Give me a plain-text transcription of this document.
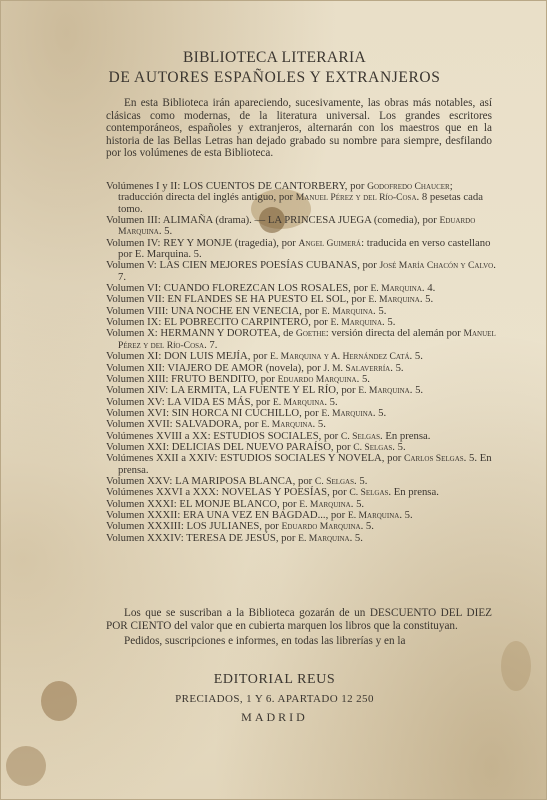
BIBLIOTECA LITERARIA
DE AUTORES ESPAÑOLES Y EXTRANJEROS

En esta Biblioteca irán apareciendo, sucesivamente, las obras más notables, así clásicas como modernas, de la literatura universal. Los grandes escritores contemporáneos, españoles y extranjeros, alternarán con los maestros que en la historia de las Bellas Letras han dejado grabado su nombre para siempre, desfilando por los volúmenes de esta Biblioteca.

Volúmenes I y II: LOS CUENTOS DE CANTORBERY, por Godofredo Chaucer; traducción directa del inglés antiguo, por Manuel Pérez y del Río-Cosa. 8 pesetas cada tomo.
Volumen III: ALIMAÑA (drama). — LA PRINCESA JUEGA (comedia), por Eduardo Marquina. 5.
Volumen IV: REY Y MONJE (tragedia), por Angel Guimerá: traducida en verso castellano por E. Marquina. 5.
Volumen V: LAS CIEN MEJORES POESÍAS CUBANAS, por José María Chacón y Calvo. 7.
Volumen VI: CUANDO FLOREZCAN LOS ROSALES, por E. Marquina. 4.
Volumen VII: EN FLANDES SE HA PUESTO EL SOL, por E. Marquina. 5.
Volumen VIII: UNA NOCHE EN VENECIA, por E. Marquina. 5.
Volumen IX: EL POBRECITO CARPINTERO, por E. Marquina. 5.
Volumen X: HERMANN Y DOROTEA, de Goethe: versión directa del alemán por Manuel Pérez y del Río-Cosa. 7.
Volumen XI: DON LUIS MEJÍA, por E. Marquina y A. Hernández Catá. 5.
Volumen XII: VIAJERO DE AMOR (novela), por J. M. Salaverría. 5.
Volumen XIII: FRUTO BENDITO, por Eduardo Marquina. 5.
Volumen XIV: LA ERMITA, LA FUENTE Y EL RÍO, por E. Marquina. 5.
Volumen XV: LA VIDA ES MÁS, por E. Marquina. 5.
Volumen XVI: SIN HORCA NI CUCHILLO, por E. Marquina. 5.
Volumen XVII: SALVADORA, por E. Marquina. 5.
Volúmenes XVIII a XX: ESTUDIOS SOCIALES, por C. Selgas. En prensa.
Volumen XXI: DELICIAS DEL NUEVO PARAÍSO, por C. Selgas. 5.
Volúmenes XXII a XXIV: ESTUDIOS SOCIALES Y NOVELA, por Carlos Selgas. 5. En prensa.
Volumen XXV: LA MARIPOSA BLANCA, por C. Selgas. 5.
Volúmenes XXVI a XXX: NOVELAS Y POESÍAS, por C. Selgas. En prensa.
Volumen XXXI: EL MONJE BLANCO, por E. Marquina. 5.
Volumen XXXII: ERA UNA VEZ EN BAGDAD..., por E. Marquina. 5.
Volumen XXXIII: LOS JULIANES, por Eduardo Marquina. 5.
Volumen XXXIV: TERESA DE JESÚS, por E. Marquina. 5.

Los que se suscriban a la Biblioteca gozarán de un DESCUENTO DEL DIEZ POR CIENTO del valor que en cubierta marquen los libros que la constituyan.

Pedidos, suscripciones e informes, en todas las librerías y en la

EDITORIAL REUS
PRECIADOS, 1 Y 6. APARTADO 12 250
MADRID
